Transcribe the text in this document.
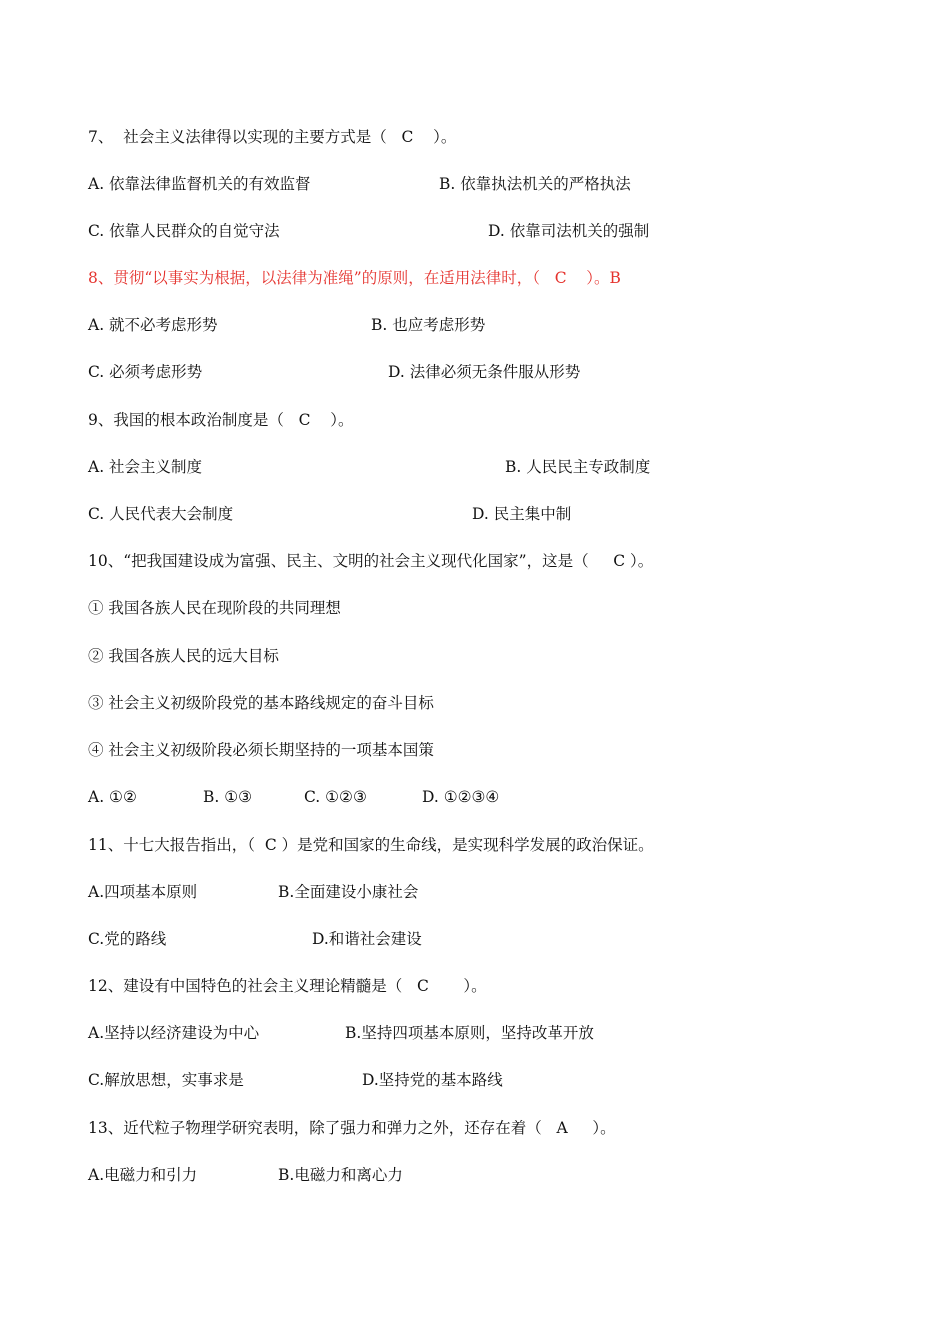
7、  社会主义法律得以实现的主要方式是（   C    ）。
A. 依靠法律监督机关的有效监督	B. 依靠执法机关的严格执法
C. 依靠人民群众的自觉守法	D. 依靠司法机关的强制
8、贯彻“以事实为根据，以法律为准绳”的原则，在适用法律时，（   C    ）。B
A. 就不必考虑形势	B. 也应考虑形势
C. 必须考虑形势	D. 法律必须无条件服从形势
9、我国的根本政治制度是（   C    ）。
A. 社会主义制度	B. 人民民主专政制度
C. 人民代表大会制度	D. 民主集中制
10、“把我国建设成为富强、民主、文明的社会主义现代化国家”，这是（     C ）。
① 我国各族人民在现阶段的共同理想
② 我国各族人民的远大目标
③ 社会主义初级阶段党的基本路线规定的奋斗目标
④ 社会主义初级阶段必须长期坚持的一项基本国策
A. ①②	B. ①③	C. ①②③	D. ①②③④
11、十七大报告指出，（  C ）是党和国家的生命线，是实现科学发展的政治保证。
A.四项基本原则	B.全面建设小康社会
C.党的路线	D.和谐社会建设
12、建设有中国特色的社会主义理论精髓是（   C       ）。
A.坚持以经济建设为中心	B.坚持四项基本原则，坚持改革开放
C.解放思想，实事求是	D.坚持党的基本路线
13、近代粒子物理学研究表明，除了强力和弹力之外，还存在着（   A     ）。
A.电磁力和引力	B.电磁力和离心力
